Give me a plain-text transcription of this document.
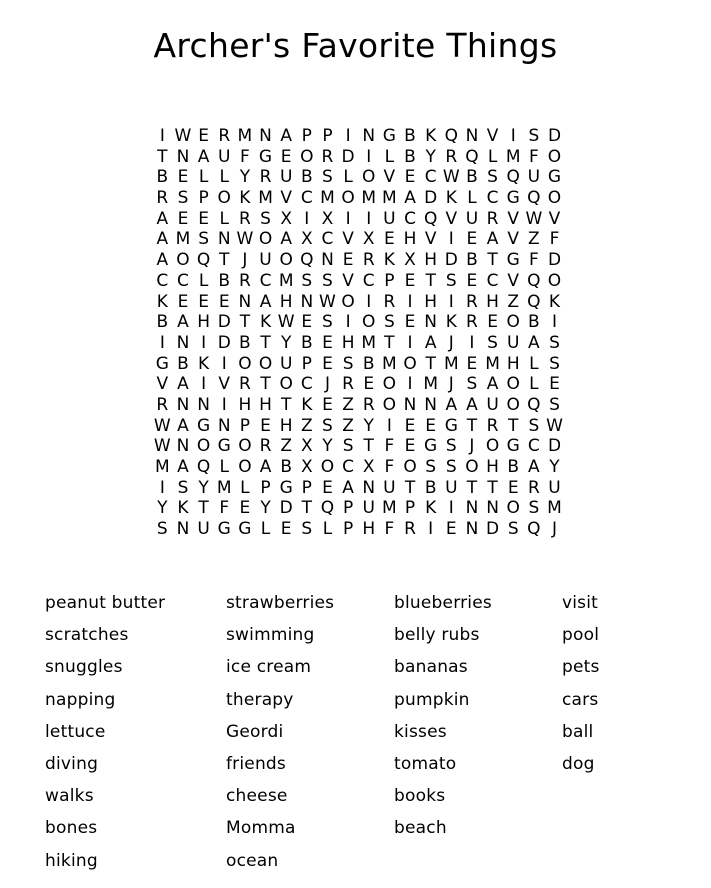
Archer's Favorite Things
I W E R M N A P P I N G B K Q N V I S D
T N A U F G E O R D I L B Y R Q L M F O
B E L L Y R U B S L O V E C W B S Q U G
R S P O K M V C M O M M A D K L C G Q O
A E E L R S X I X I I U C Q V U R V W V
A M S N W O A X C V X E H V I E A V Z F
A O Q T J U O Q N E R K X H D B T G F D
C C L B R C M S S V C P E T S E C V Q O
K E E E N A H N W O I R I H I R H Z Q K
B A H D T K W E S I O S E N K R E O B I
I N I D B T Y B E H M T I A J I S U A S
G B K I O O U P E S B M O T M E M H L S
V A I V R T O C J R E O I M J S A O L E
R N N I H H T K E Z R O N N A A U O Q S
W A G N P E H Z S Z Y I E E G T R T S W
W N O G O R Z X Y S T F E G S J O G C D
M A Q L O A B X O C X F O S S O H B A Y
I S Y M L P G P E A N U T B U T T E R U
Y K T F E Y D T Q P U M P K I N N O S M
S N U G G L E S L P H F R I E N D S Q J
peanut butter
scratches
snuggles
napping
lettuce
diving
walks
bones
hiking
strawberries
swimming
ice cream
therapy
Geordi
friends
cheese
Momma
ocean
blueberries
belly rubs
bananas
pumpkin
kisses
tomato
books
beach
visit
pool
pets
cars
ball
dog
